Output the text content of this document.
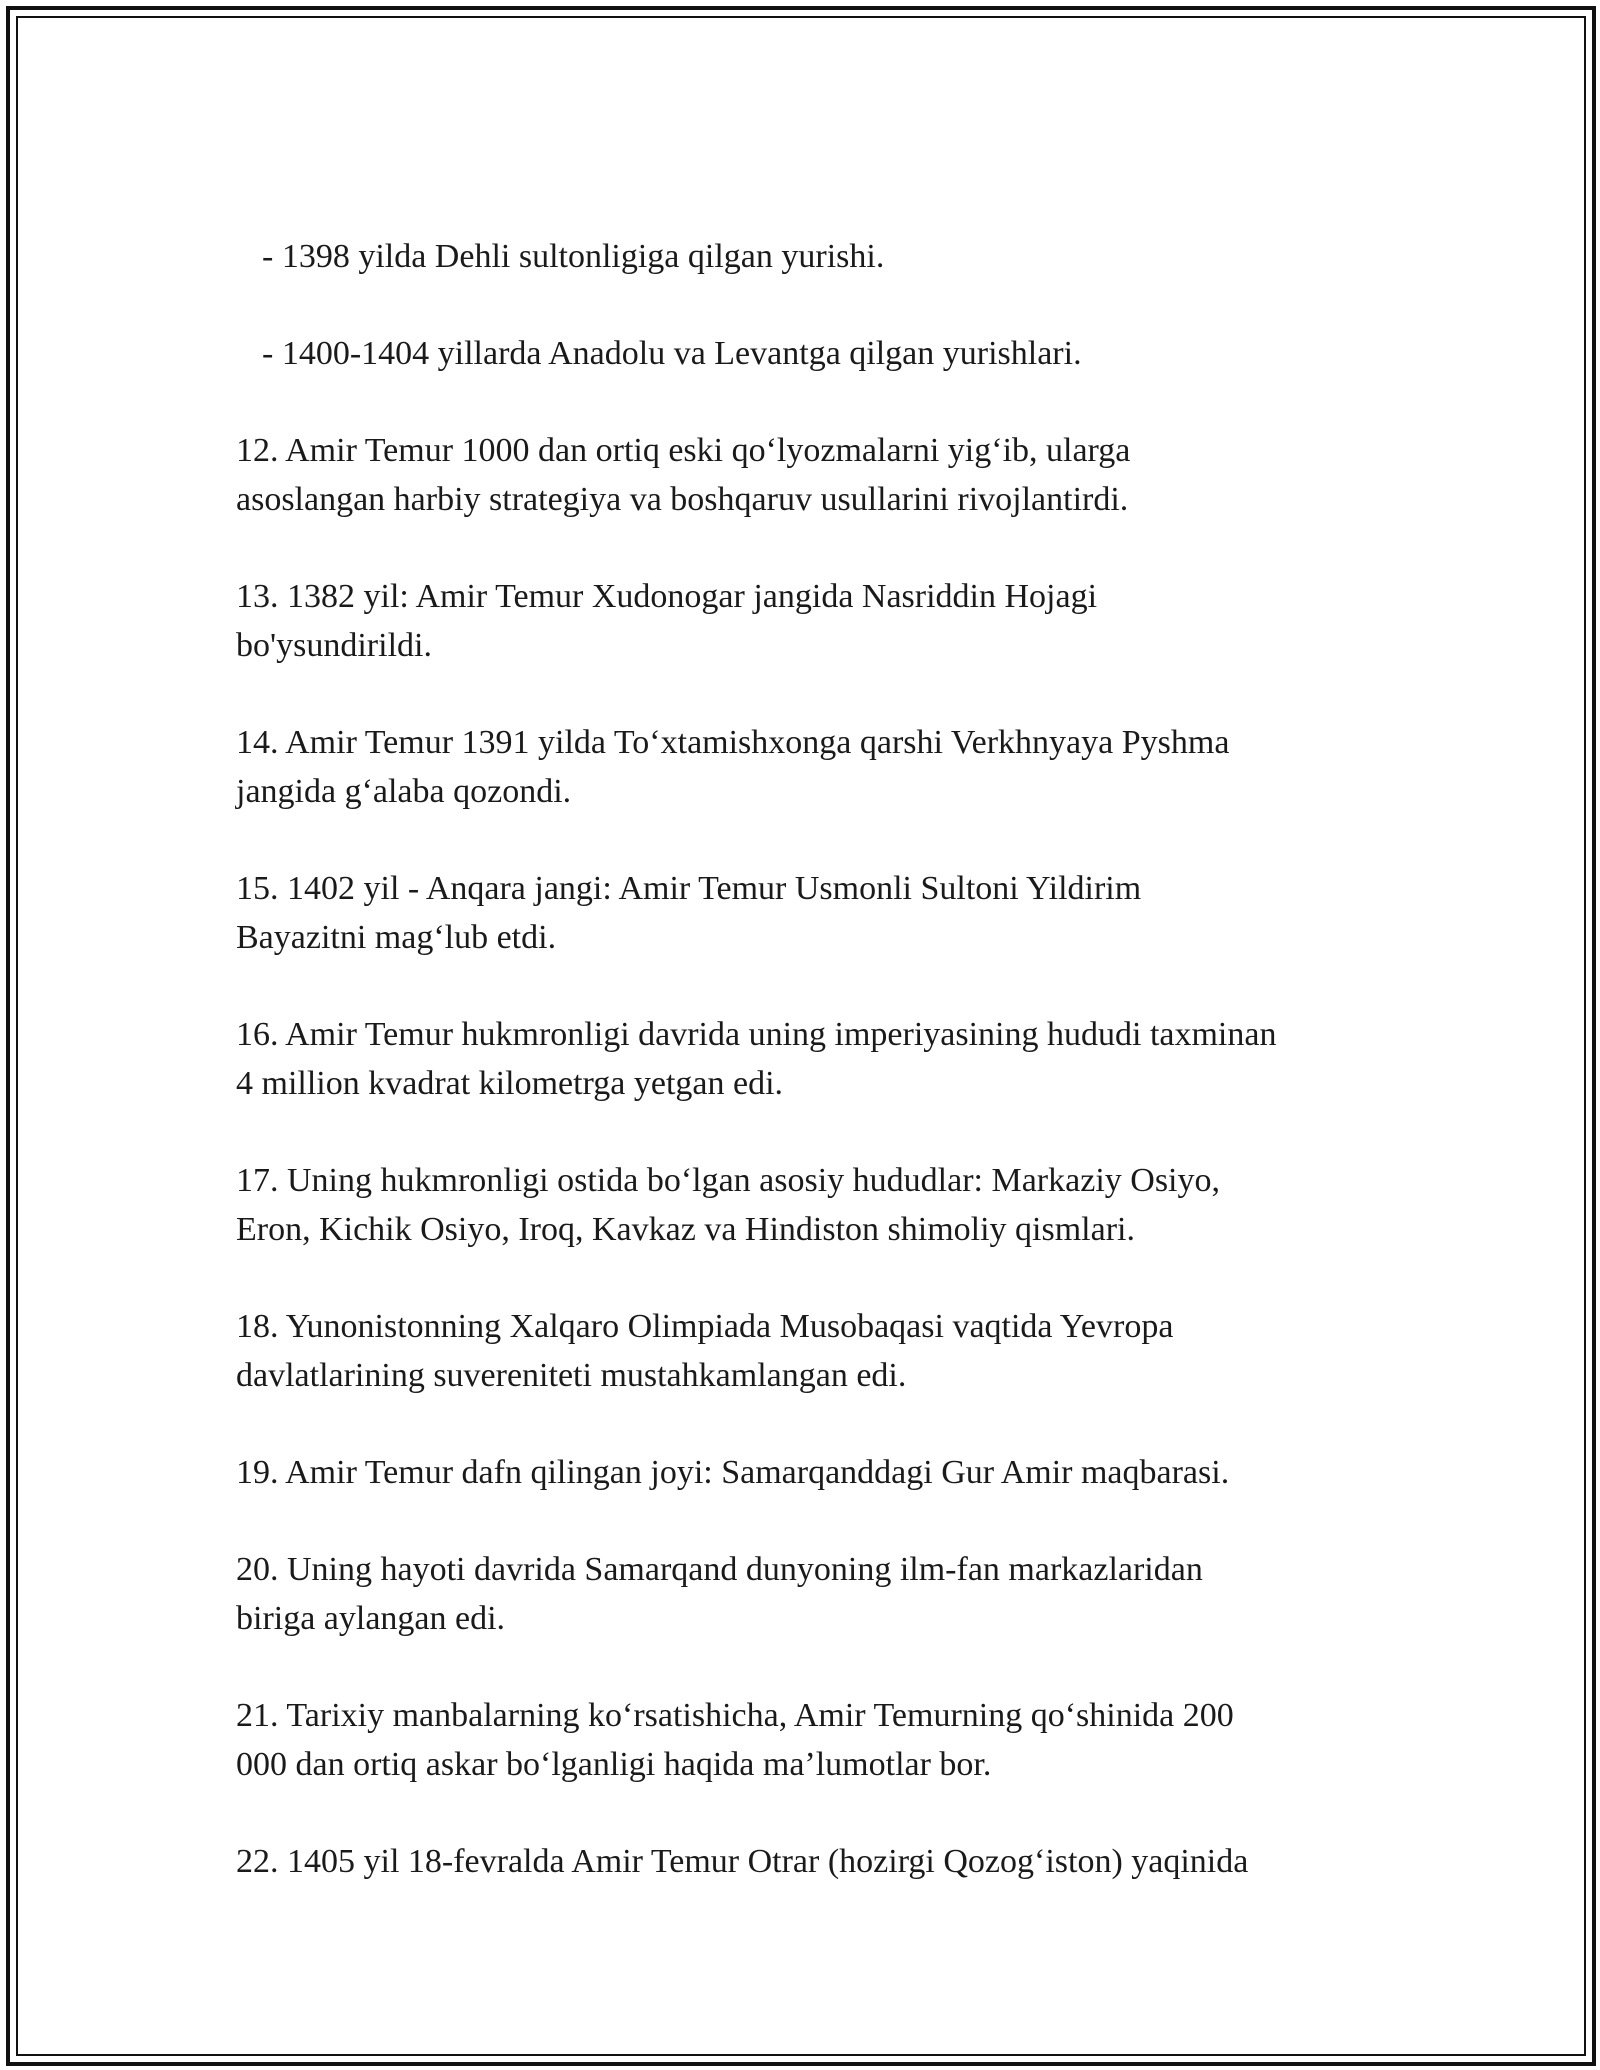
- 1398 yilda Dehli sultonligiga qilgan yurishi.

- 1400-1404 yillarda Anadolu va Levantga qilgan yurishlari.

12. Amir Temur 1000 dan ortiq eski qo‘lyozmalarni yig‘ib, ularga
asoslangan harbiy strategiya va boshqaruv usullarini rivojlantirdi.

13. 1382 yil: Amir Temur Xudonogar jangida Nasriddin Hojagi
bo'ysundirildi.

14. Amir Temur 1391 yilda To‘xtamishxonga qarshi Verkhnyaya Pyshma
jangida g‘alaba qozondi.

15. 1402 yil - Anqara jangi: Amir Temur Usmonli Sultoni Yildirim
Bayazitni mag‘lub etdi.

16. Amir Temur hukmronligi davrida uning imperiyasining hududi taxminan
4 million kvadrat kilometrga yetgan edi.

17. Uning hukmronligi ostida bo‘lgan asosiy hududlar: Markaziy Osiyo,
Eron, Kichik Osiyo, Iroq, Kavkaz va Hindiston shimoliy qismlari.

18. Yunonistonning Xalqaro Olimpiada Musobaqasi vaqtida Yevropa
davlatlarining suvereniteti mustahkamlangan edi.

19. Amir Temur dafn qilingan joyi: Samarqanddagi Gur Amir maqbarasi.

20. Uning hayoti davrida Samarqand dunyoning ilm-fan markazlaridan
biriga aylangan edi.

21. Tarixiy manbalarning ko‘rsatishicha, Amir Temurning qo‘shinida 200
000 dan ortiq askar bo‘lganligi haqida ma’lumotlar bor.

22. 1405 yil 18-fevralda Amir Temur Otrar (hozirgi Qozog‘iston) yaqinida
